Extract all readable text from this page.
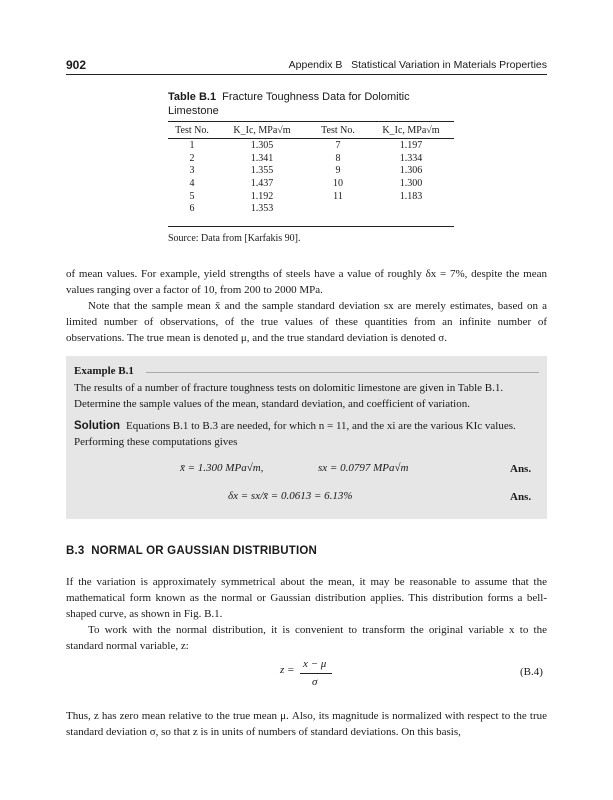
902	Appendix B   Statistical Variation in Materials Properties
Table B.1 Fracture Toughness Data for Dolomitic Limestone
Test No.	K_Ic, MPa√m	Test No.	K_Ic, MPa√m

1	1.305	7	1.197
2	1.341	8	1.334
3	1.355	9	1.306
4	1.437	10	1.300
5	1.192	11	1.183
6	1.353		
Source: Data from [Karfakis 90].
of mean values. For example, yield strengths of steels have a value of roughly δx = 7%, despite the mean values ranging over a factor of 10, from 200 to 2000 MPa.
Note that the sample mean x̄ and the sample standard deviation sx are merely estimates, based on a limited number of observations, of the true values of these quantities from an infinite number of observations. The true mean is denoted μ, and the true standard deviation is denoted σ.
Example B.1
The results of a number of fracture toughness tests on dolomitic limestone are given in Table B.1. Determine the sample values of the mean, standard deviation, and coefficient of variation.
Solution Equations B.1 to B.3 are needed, for which n = 11, and the xi are the various KIc values. Performing these computations gives
x̄ = 1.300 MPa√m,	sx = 0.0797 MPa√m	Ans.
δx = sx/x̄ = 0.0613 = 6.13%	Ans.
B.3  NORMAL OR GAUSSIAN DISTRIBUTION
If the variation is approximately symmetrical about the mean, it may be reasonable to assume that the mathematical form known as the normal or Gaussian distribution applies. This distribution forms a bell-shaped curve, as shown in Fig. B.1.
To work with the normal distribution, it is convenient to transform the original variable x to the standard normal variable, z:
z = x − μ
σ
(B.4)
Thus, z has zero mean relative to the true mean μ. Also, its magnitude is normalized with respect to the true standard deviation σ, so that z is in units of numbers of standard deviations. On this basis,
